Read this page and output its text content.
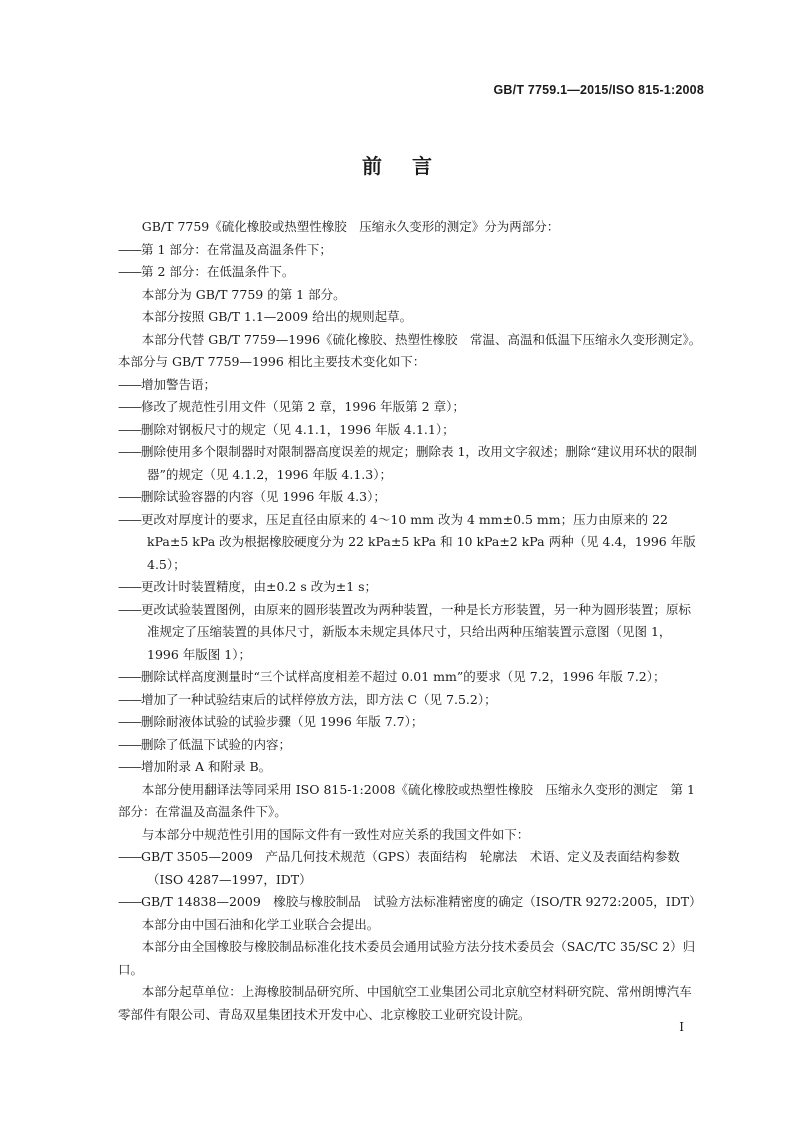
GB/T 7759.1—2015/ISO 815-1:2008
前言

GB/T 7759《硫化橡胶或热塑性橡胶　压缩永久变形的测定》分为两部分：

——第 1 部分：在常温及高温条件下；

——第 2 部分：在低温条件下。

本部分为 GB/T 7759 的第 1 部分。

本部分按照 GB/T 1.1—2009 给出的规则起草。

本部分代替 GB/T 7759—1996《硫化橡胶、热塑性橡胶　常温、高温和低温下压缩永久变形测定》。本部分与 GB/T 7759—1996 相比主要技术变化如下：

——增加警告语；

——修改了规范性引用文件（见第 2 章，1996 年版第 2 章）；

——删除对钢板尺寸的规定（见 4.1.1，1996 年版 4.1.1）；

——删除使用多个限制器时对限制器高度误差的规定；删除表 1，改用文字叙述；删除“建议用环状的限制器”的规定（见 4.1.2，1996 年版 4.1.3）；

——删除试验容器的内容（见 1996 年版 4.3）；

——更改对厚度计的要求，压足直径由原来的 4～10 mm 改为 4 mm±0.5 mm；压力由原来的 22 kPa±5 kPa 改为根据橡胶硬度分为 22 kPa±5 kPa 和 10 kPa±2 kPa 两种（见 4.4，1996 年版 4.5）；

——更改计时装置精度，由±0.2 s 改为±1 s；

——更改试验装置图例，由原来的圆形装置改为两种装置，一种是长方形装置，另一种为圆形装置；原标准规定了压缩装置的具体尺寸，新版本未规定具体尺寸，只给出两种压缩装置示意图（见图 1，1996 年版图 1）；

——删除试样高度测量时“三个试样高度相差不超过 0.01 mm”的要求（见 7.2，1996 年版 7.2）；

——增加了一种试验结束后的试样停放方法，即方法 C（见 7.5.2）；

——删除耐液体试验的试验步骤（见 1996 年版 7.7）；

——删除了低温下试验的内容；

——增加附录 A 和附录 B。

本部分使用翻译法等同采用 ISO 815-1:2008《硫化橡胶或热塑性橡胶　压缩永久变形的测定　第 1 部分：在常温及高温条件下》。

与本部分中规范性引用的国际文件有一致性对应关系的我国文件如下：

——GB/T 3505—2009　产品几何技术规范（GPS）表面结构　轮廓法　术语、定义及表面结构参数（ISO 4287—1997，IDT）

——GB/T 14838—2009　橡胶与橡胶制品　试验方法标准精密度的确定（ISO/TR 9272:2005，IDT）

本部分由中国石油和化学工业联合会提出。

本部分由全国橡胶与橡胶制品标准化技术委员会通用试验方法分技术委员会（SAC/TC 35/SC 2）归口。

本部分起草单位：上海橡胶制品研究所、中国航空工业集团公司北京航空材料研究院、常州朗博汽车零部件有限公司、青岛双星集团技术开发中心、北京橡胶工业研究设计院。

I
